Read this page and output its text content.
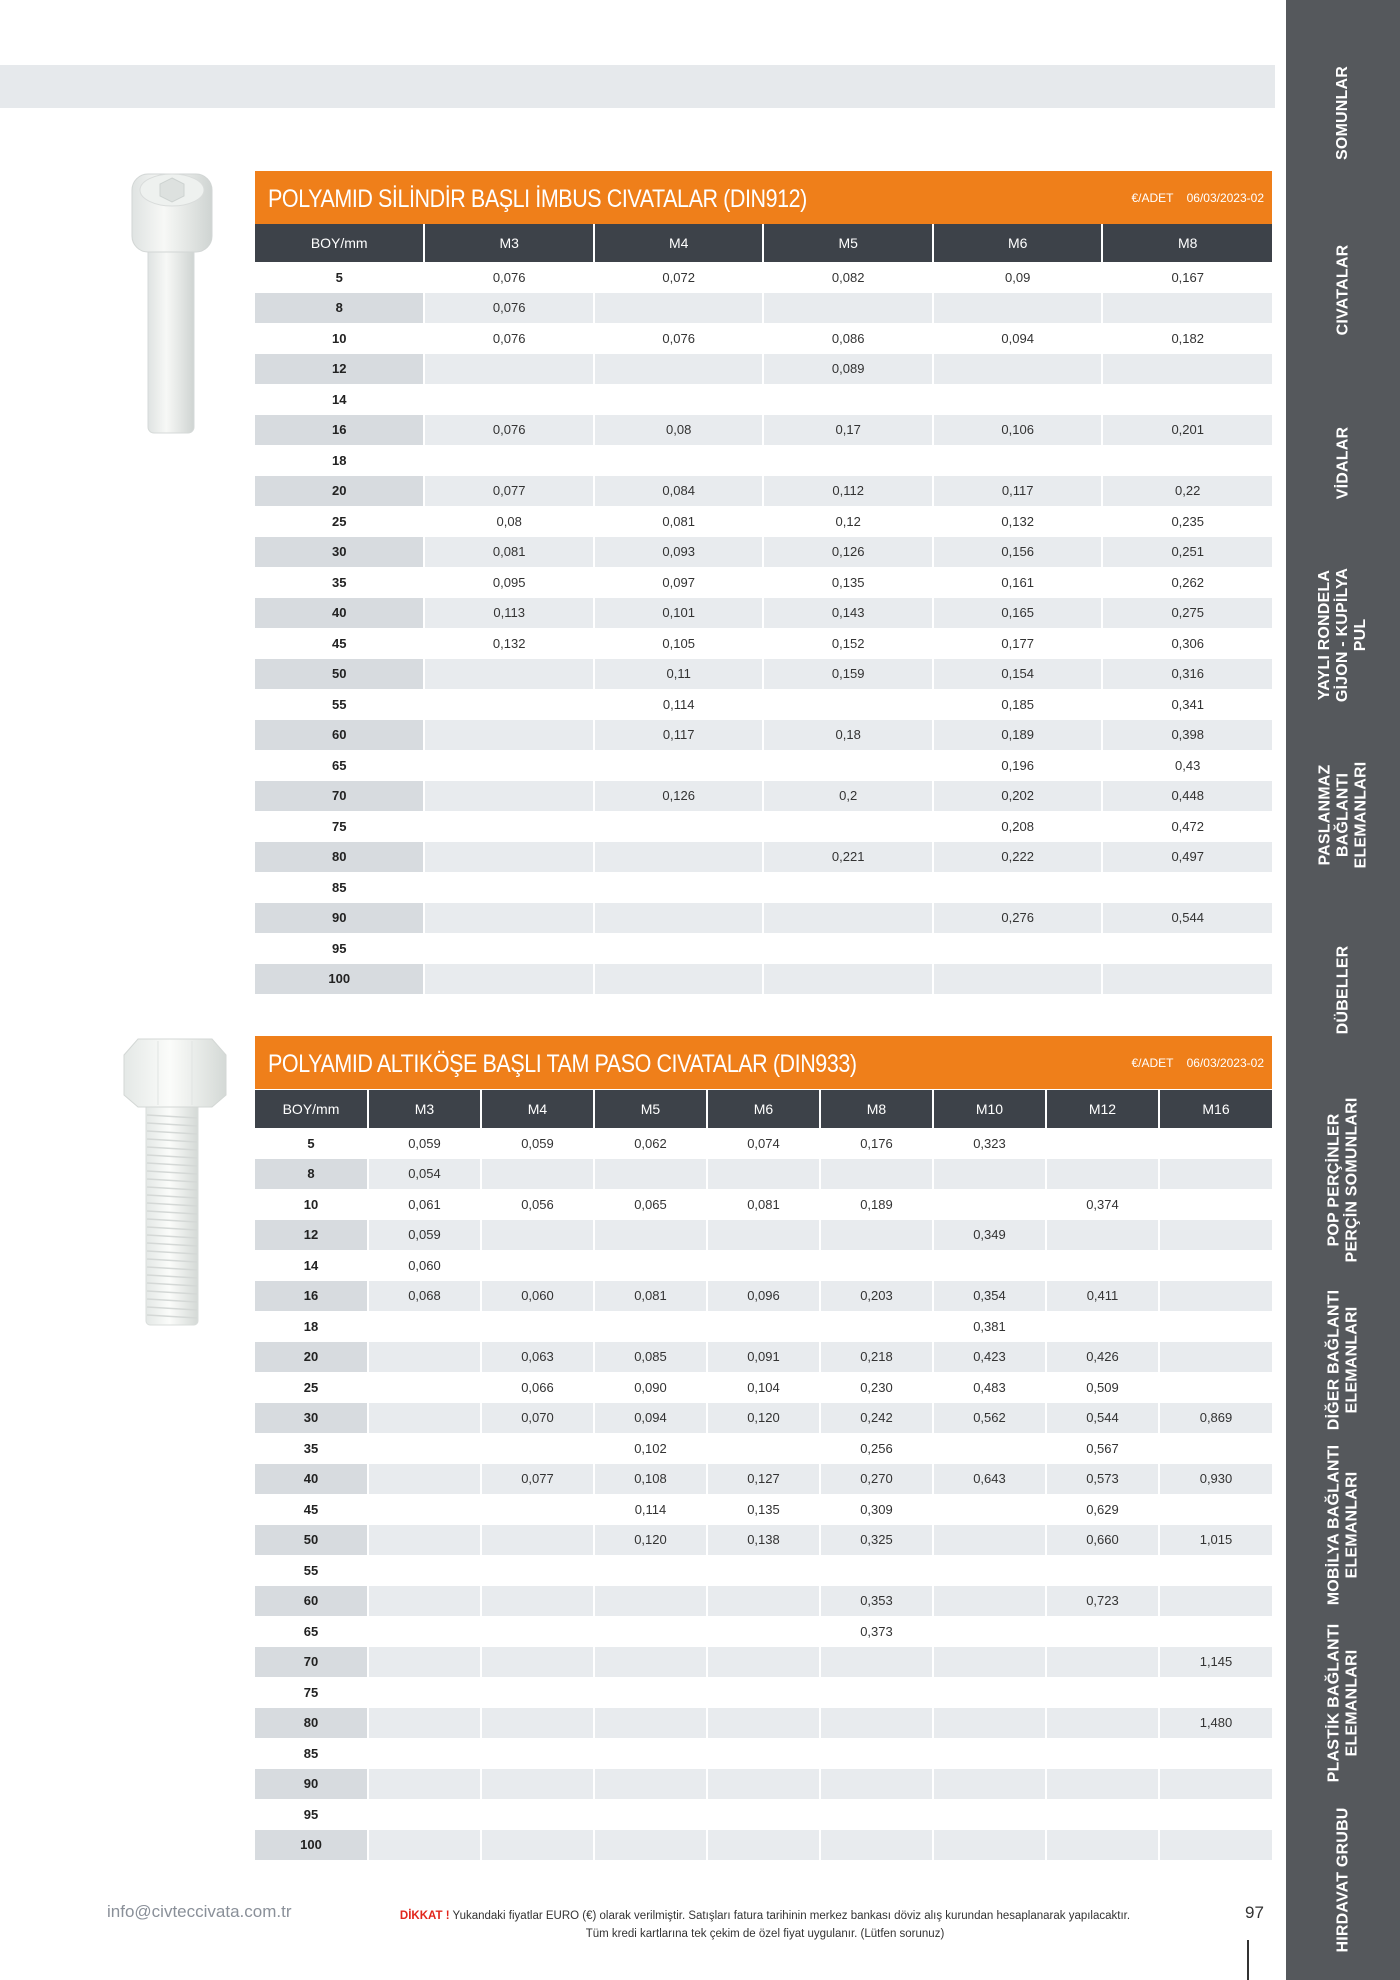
SOMUNLAR
CIVATALAR
VİDALAR
YAYLI RONDELA
GİJON - KUPİLYA
PUL
PASLANMAZ
BAĞLANTI
ELEMANLARI
DÜBELLER
POP PERÇİNLER
PERÇİN SOMUNLARI
DİĞER BAĞLANTI
ELEMANLARI
MOBİLYA BAĞLANTI
ELEMANLARI
PLASTİK BAĞLANTI
ELEMANLARI
HIRDAVAT GRUBU
POLYAMID SİLİNDİR BAŞLI İMBUS CIVATALAR (DIN912)	€/ADET 06/03/2023-02
BOY/mm	M3	M4	M5	M6	M8
5	0,076	0,072	0,082	0,09	0,167
8	0,076				
10	0,076	0,076	0,086	0,094	0,182
12			0,089		
14					
16	0,076	0,08	0,17	0,106	0,201
18					
20	0,077	0,084	0,112	0,117	0,22
25	0,08	0,081	0,12	0,132	0,235
30	0,081	0,093	0,126	0,156	0,251
35	0,095	0,097	0,135	0,161	0,262
40	0,113	0,101	0,143	0,165	0,275
45	0,132	0,105	0,152	0,177	0,306
50		0,11	0,159	0,154	0,316
55		0,114		0,185	0,341
60		0,117	0,18	0,189	0,398
65				0,196	0,43
70		0,126	0,2	0,202	0,448
75				0,208	0,472
80			0,221	0,222	0,497
85					
90				0,276	0,544
95					
100					
POLYAMID ALTIKÖŞE BAŞLI TAM PASO CIVATALAR (DIN933)	€/ADET 06/03/2023-02
BOY/mm	M3	M4	M5	M6	M8	M10	M12	M16
5	0,059	0,059	0,062	0,074	0,176	0,323		
8	0,054							
10	0,061	0,056	0,065	0,081	0,189		0,374	
12	0,059					0,349		
14	0,060							
16	0,068	0,060	0,081	0,096	0,203	0,354	0,411	
18						0,381		
20		0,063	0,085	0,091	0,218	0,423	0,426	
25		0,066	0,090	0,104	0,230	0,483	0,509	
30		0,070	0,094	0,120	0,242	0,562	0,544	0,869
35			0,102		0,256		0,567	
40		0,077	0,108	0,127	0,270	0,643	0,573	0,930
45			0,114	0,135	0,309		0,629	
50			0,120	0,138	0,325		0,660	1,015
55								
60					0,353		0,723	
65					0,373			
70								1,145
75								
80								1,480
85								
90								
95								
100								
info@civteccivata.com.tr	DİKKAT ! Yukandaki fiyatlar EURO (€) olarak verilmiştir. Satışları fatura tarihinin merkez bankası döviz alış kurundan hesaplanarak yapılacaktır.
Tüm kredi kartlarına tek çekim de özel fiyat uygulanır. (Lütfen sorunuz)
97
